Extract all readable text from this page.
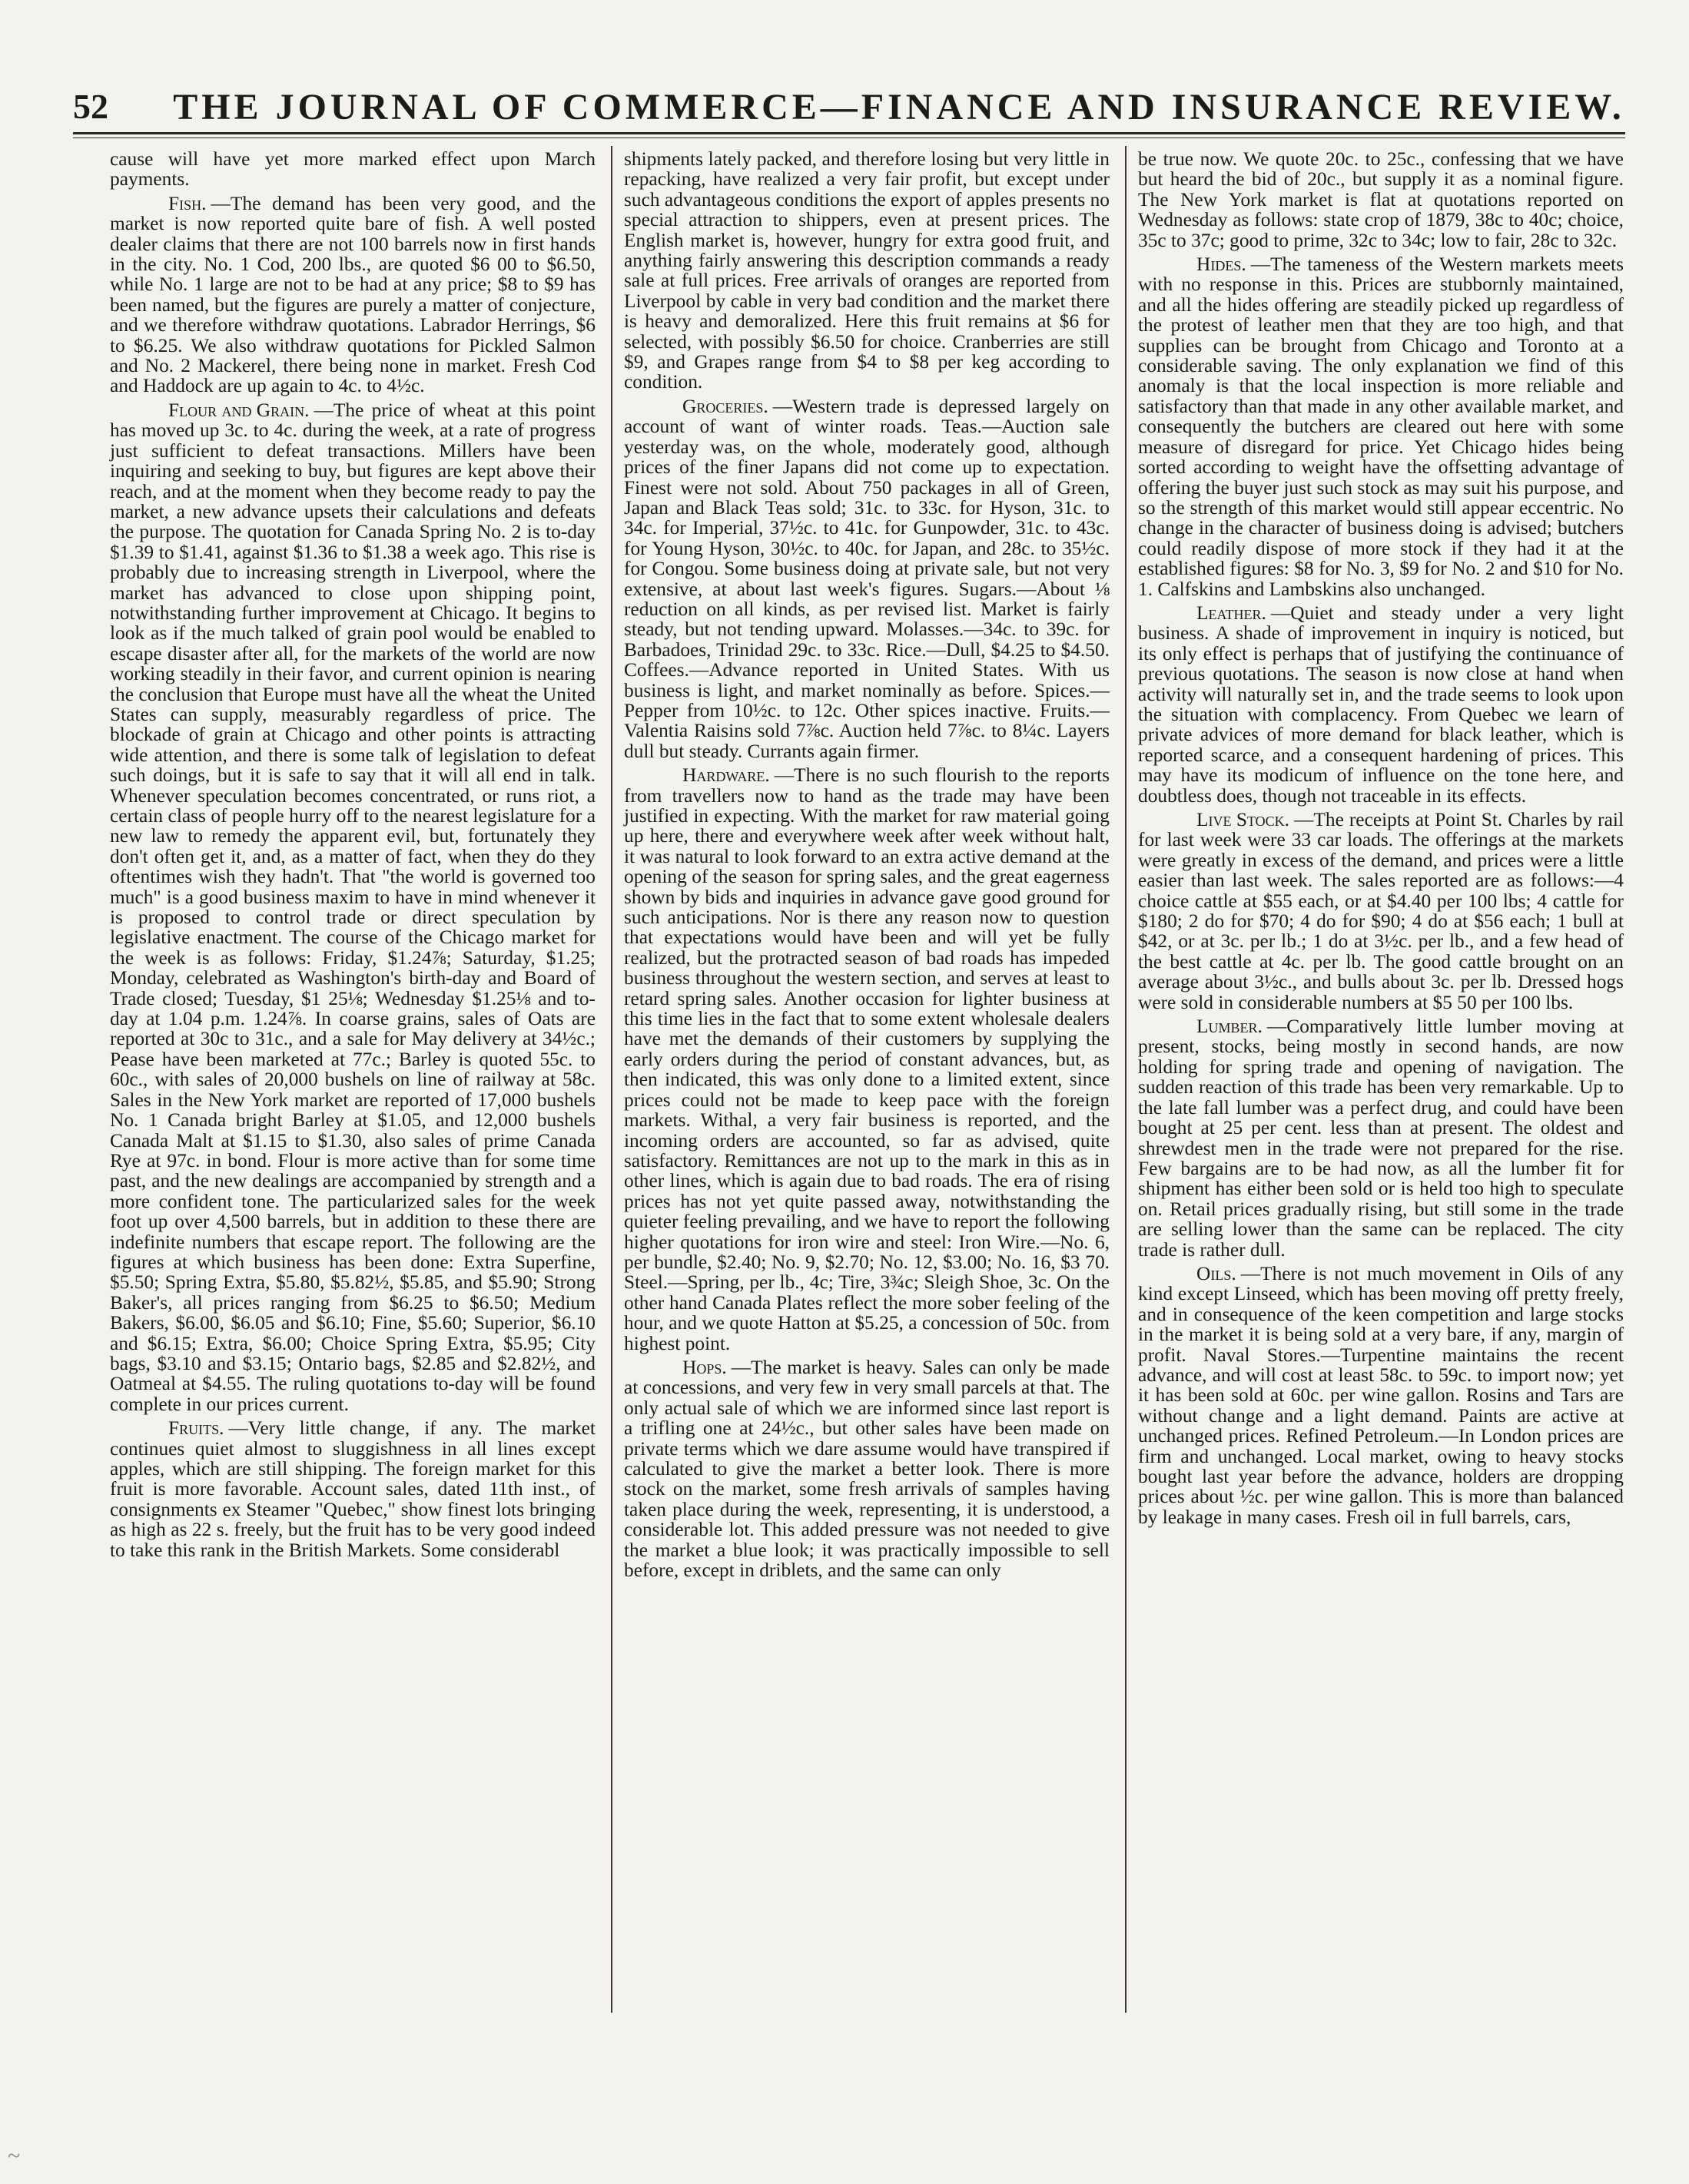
52 THE JOURNAL OF COMMERCE—FINANCE AND INSURANCE REVIEW.

cause will have yet more marked effect upon March payments.

Fish. —The demand has been very good, and the market is now reported quite bare of fish. A well posted dealer claims that there are not 100 barrels now in first hands in the city. No. 1 Cod, 200 lbs., are quoted $6 00 to $6.50, while No. 1 large are not to be had at any price; $8 to $9 has been named, but the figures are purely a matter of conjecture, and we therefore withdraw quotations. Labrador Herrings, $6 to $6.25. We also withdraw quotations for Pickled Salmon and No. 2 Mackerel, there being none in market. Fresh Cod and Haddock are up again to 4c. to 4½c.

Flour and Grain. —The price of wheat at this point has moved up 3c. to 4c. during the week, at a rate of progress just sufficient to defeat transactions. Millers have been inquiring and seeking to buy, but figures are kept above their reach, and at the moment when they become ready to pay the market, a new advance upsets their calculations and defeats the purpose. The quotation for Canada Spring No. 2 is to-day $1.39 to $1.41, against $1.36 to $1.38 a week ago. This rise is probably due to increasing strength in Liverpool, where the market has advanced to close upon shipping point, notwithstanding further improvement at Chicago. It begins to look as if the much talked of grain pool would be enabled to escape disaster after all, for the markets of the world are now working steadily in their favor, and current opinion is nearing the conclusion that Europe must have all the wheat the United States can supply, measurably regardless of price. The blockade of grain at Chicago and other points is attracting wide attention, and there is some talk of legislation to defeat such doings, but it is safe to say that it will all end in talk. Whenever speculation becomes concentrated, or runs riot, a certain class of people hurry off to the nearest legislature for a new law to remedy the apparent evil, but, fortunately they don't often get it, and, as a matter of fact, when they do they oftentimes wish they hadn't. That "the world is governed too much" is a good business maxim to have in mind whenever it is proposed to control trade or direct speculation by legislative enactment. The course of the Chicago market for the week is as follows: Friday, $1.24⅞; Saturday, $1.25; Monday, celebrated as Washington's birth-day and Board of Trade closed; Tuesday, $1 25⅛; Wednesday $1.25⅛ and to-day at 1.04 p.m. 1.24⅞. In coarse grains, sales of Oats are reported at 30c to 31c., and a sale for May delivery at 34½c.; Pease have been marketed at 77c.; Barley is quoted 55c. to 60c., with sales of 20,000 bushels on line of railway at 58c. Sales in the New York market are reported of 17,000 bushels No. 1 Canada bright Barley at $1.05, and 12,000 bushels Canada Malt at $1.15 to $1.30, also sales of prime Canada Rye at 97c. in bond. Flour is more active than for some time past, and the new dealings are accompanied by strength and a more confident tone. The particularized sales for the week foot up over 4,500 barrels, but in addition to these there are indefinite numbers that escape report. The following are the figures at which business has been done: Extra Superfine, $5.50; Spring Extra, $5.80, $5.82½, $5.85, and $5.90; Strong Baker's, all prices ranging from $6.25 to $6.50; Medium Bakers, $6.00, $6.05 and $6.10; Fine, $5.60; Superior, $6.10 and $6.15; Extra, $6.00; Choice Spring Extra, $5.95; City bags, $3.10 and $3.15; Ontario bags, $2.85 and $2.82½, and Oatmeal at $4.55. The ruling quotations to-day will be found complete in our prices current.

Fruits. —Very little change, if any. The market continues quiet almost to sluggishness in all lines except apples, which are still shipping. The foreign market for this fruit is more favorable. Account sales, dated 11th inst., of consignments ex Steamer "Quebec," show finest lots bringing as high as 22 s. freely, but the fruit has to be very good indeed to take this rank in the British Markets. Some considerabl

shipments lately packed, and therefore losing but very little in repacking, have realized a very fair profit, but except under such advantageous conditions the export of apples presents no special attraction to shippers, even at present prices. The English market is, however, hungry for extra good fruit, and anything fairly answering this description commands a ready sale at full prices. Free arrivals of oranges are reported from Liverpool by cable in very bad condition and the market there is heavy and demoralized. Here this fruit remains at $6 for selected, with possibly $6.50 for choice. Cranberries are still $9, and Grapes range from $4 to $8 per keg according to condition.

Groceries. —Western trade is depressed largely on account of want of winter roads. Teas.—Auction sale yesterday was, on the whole, moderately good, although prices of the finer Japans did not come up to expectation. Finest were not sold. About 750 packages in all of Green, Japan and Black Teas sold; 31c. to 33c. for Hyson, 31c. to 34c. for Imperial, 37½c. to 41c. for Gunpowder, 31c. to 43c. for Young Hyson, 30½c. to 40c. for Japan, and 28c. to 35½c. for Congou. Some business doing at private sale, but not very extensive, at about last week's figures. Sugars.—About ⅛ reduction on all kinds, as per revised list. Market is fairly steady, but not tending upward. Molasses.—34c. to 39c. for Barbadoes, Trinidad 29c. to 33c. Rice.—Dull, $4.25 to $4.50. Coffees.—Advance reported in United States. With us business is light, and market nominally as before. Spices.—Pepper from 10½c. to 12c. Other spices inactive. Fruits.—Valentia Raisins sold 7⅞c. Auction held 7⅞c. to 8¼c. Layers dull but steady. Currants again firmer.

Hardware. —There is no such flourish to the reports from travellers now to hand as the trade may have been justified in expecting. With the market for raw material going up here, there and everywhere week after week without halt, it was natural to look forward to an extra active demand at the opening of the season for spring sales, and the great eagerness shown by bids and inquiries in advance gave good ground for such anticipations. Nor is there any reason now to question that expectations would have been and will yet be fully realized, but the protracted season of bad roads has impeded business throughout the western section, and serves at least to retard spring sales. Another occasion for lighter business at this time lies in the fact that to some extent wholesale dealers have met the demands of their customers by supplying the early orders during the period of constant advances, but, as then indicated, this was only done to a limited extent, since prices could not be made to keep pace with the foreign markets. Withal, a very fair business is reported, and the incoming orders are accounted, so far as advised, quite satisfactory. Remittances are not up to the mark in this as in other lines, which is again due to bad roads. The era of rising prices has not yet quite passed away, notwithstanding the quieter feeling prevailing, and we have to report the following higher quotations for iron wire and steel: Iron Wire.—No. 6, per bundle, $2.40; No. 9, $2.70; No. 12, $3.00; No. 16, $3 70. Steel.—Spring, per lb., 4c; Tire, 3¾c; Sleigh Shoe, 3c. On the other hand Canada Plates reflect the more sober feeling of the hour, and we quote Hatton at $5.25, a concession of 50c. from highest point.

Hops. —The market is heavy. Sales can only be made at concessions, and very few in very small parcels at that. The only actual sale of which we are informed since last report is a trifling one at 24½c., but other sales have been made on private terms which we dare assume would have transpired if calculated to give the market a better look. There is more stock on the market, some fresh arrivals of samples having taken place during the week, representing, it is understood, a considerable lot. This added pressure was not needed to give the market a blue look; it was practically impossible to sell before, except in driblets, and the same can only

be true now. We quote 20c. to 25c., confessing that we have but heard the bid of 20c., but supply it as a nominal figure. The New York market is flat at quotations reported on Wednesday as follows: state crop of 1879, 38c to 40c; choice, 35c to 37c; good to prime, 32c to 34c; low to fair, 28c to 32c.

Hides. —The tameness of the Western markets meets with no response in this. Prices are stubbornly maintained, and all the hides offering are steadily picked up regardless of the protest of leather men that they are too high, and that supplies can be brought from Chicago and Toronto at a considerable saving. The only explanation we find of this anomaly is that the local inspection is more reliable and satisfactory than that made in any other available market, and consequently the butchers are cleared out here with some measure of disregard for price. Yet Chicago hides being sorted according to weight have the offsetting advantage of offering the buyer just such stock as may suit his purpose, and so the strength of this market would still appear eccentric. No change in the character of business doing is advised; butchers could readily dispose of more stock if they had it at the established figures: $8 for No. 3, $9 for No. 2 and $10 for No. 1. Calfskins and Lambskins also unchanged.

Leather. —Quiet and steady under a very light business. A shade of improvement in inquiry is noticed, but its only effect is perhaps that of justifying the continuance of previous quotations. The season is now close at hand when activity will naturally set in, and the trade seems to look upon the situation with complacency. From Quebec we learn of private advices of more demand for black leather, which is reported scarce, and a consequent hardening of prices. This may have its modicum of influence on the tone here, and doubtless does, though not traceable in its effects.

Live Stock. —The receipts at Point St. Charles by rail for last week were 33 car loads. The offerings at the markets were greatly in excess of the demand, and prices were a little easier than last week. The sales reported are as follows:—4 choice cattle at $55 each, or at $4.40 per 100 lbs; 4 cattle for $180; 2 do for $70; 4 do for $90; 4 do at $56 each; 1 bull at $42, or at 3c. per lb.; 1 do at 3½c. per lb., and a few head of the best cattle at 4c. per lb. The good cattle brought on an average about 3½c., and bulls about 3c. per lb. Dressed hogs were sold in considerable numbers at $5 50 per 100 lbs.

Lumber. —Comparatively little lumber moving at present, stocks, being mostly in second hands, are now holding for spring trade and opening of navigation. The sudden reaction of this trade has been very remarkable. Up to the late fall lumber was a perfect drug, and could have been bought at 25 per cent. less than at present. The oldest and shrewdest men in the trade were not prepared for the rise. Few bargains are to be had now, as all the lumber fit for shipment has either been sold or is held too high to speculate on. Retail prices gradually rising, but still some in the trade are selling lower than the same can be replaced. The city trade is rather dull.

Oils. —There is not much movement in Oils of any kind except Linseed, which has been moving off pretty freely, and in consequence of the keen competition and large stocks in the market it is being sold at a very bare, if any, margin of profit. Naval Stores.—Turpentine maintains the recent advance, and will cost at least 58c. to 59c. to import now; yet it has been sold at 60c. per wine gallon. Rosins and Tars are without change and a light demand. Paints are active at unchanged prices. Refined Petroleum.—In London prices are firm and unchanged. Local market, owing to heavy stocks bought last year before the advance, holders are dropping prices about ½c. per wine gallon. This is more than balanced by leakage in many cases. Fresh oil in full barrels, cars,

~
